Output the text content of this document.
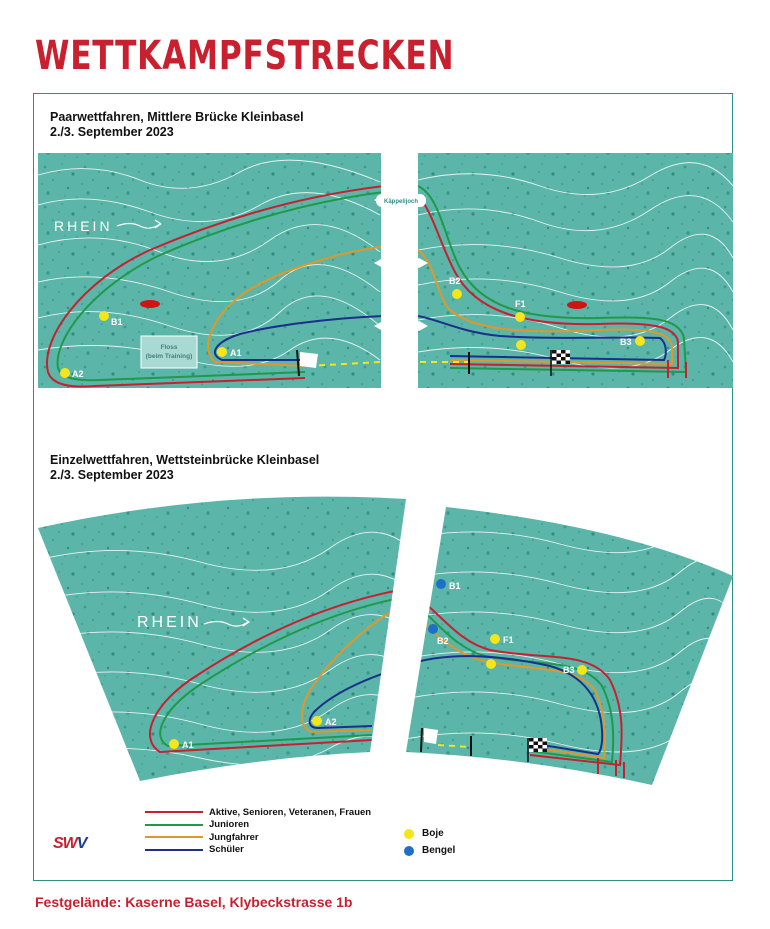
WETTKAMPFSTRECKEN
Paarwettfahren, Mittlere Brücke Kleinbasel
2./3. September 2023
Einzelwettfahren, Wettsteinbrücke Kleinbasel
2./3. September 2023
RHEIN
RHEIN
Käppelijoch
Floss
(beim Training)	A1
A2
B1
B2
B3
F1
A1
A2
B1
B2
B3
F1
Aktive, Senioren, Veteranen, Frauen
Junioren
Jungfahrer
Schüler
Boje
Bengel
SWV
Festgelände: Kaserne Basel, Klybeckstrasse 1b
